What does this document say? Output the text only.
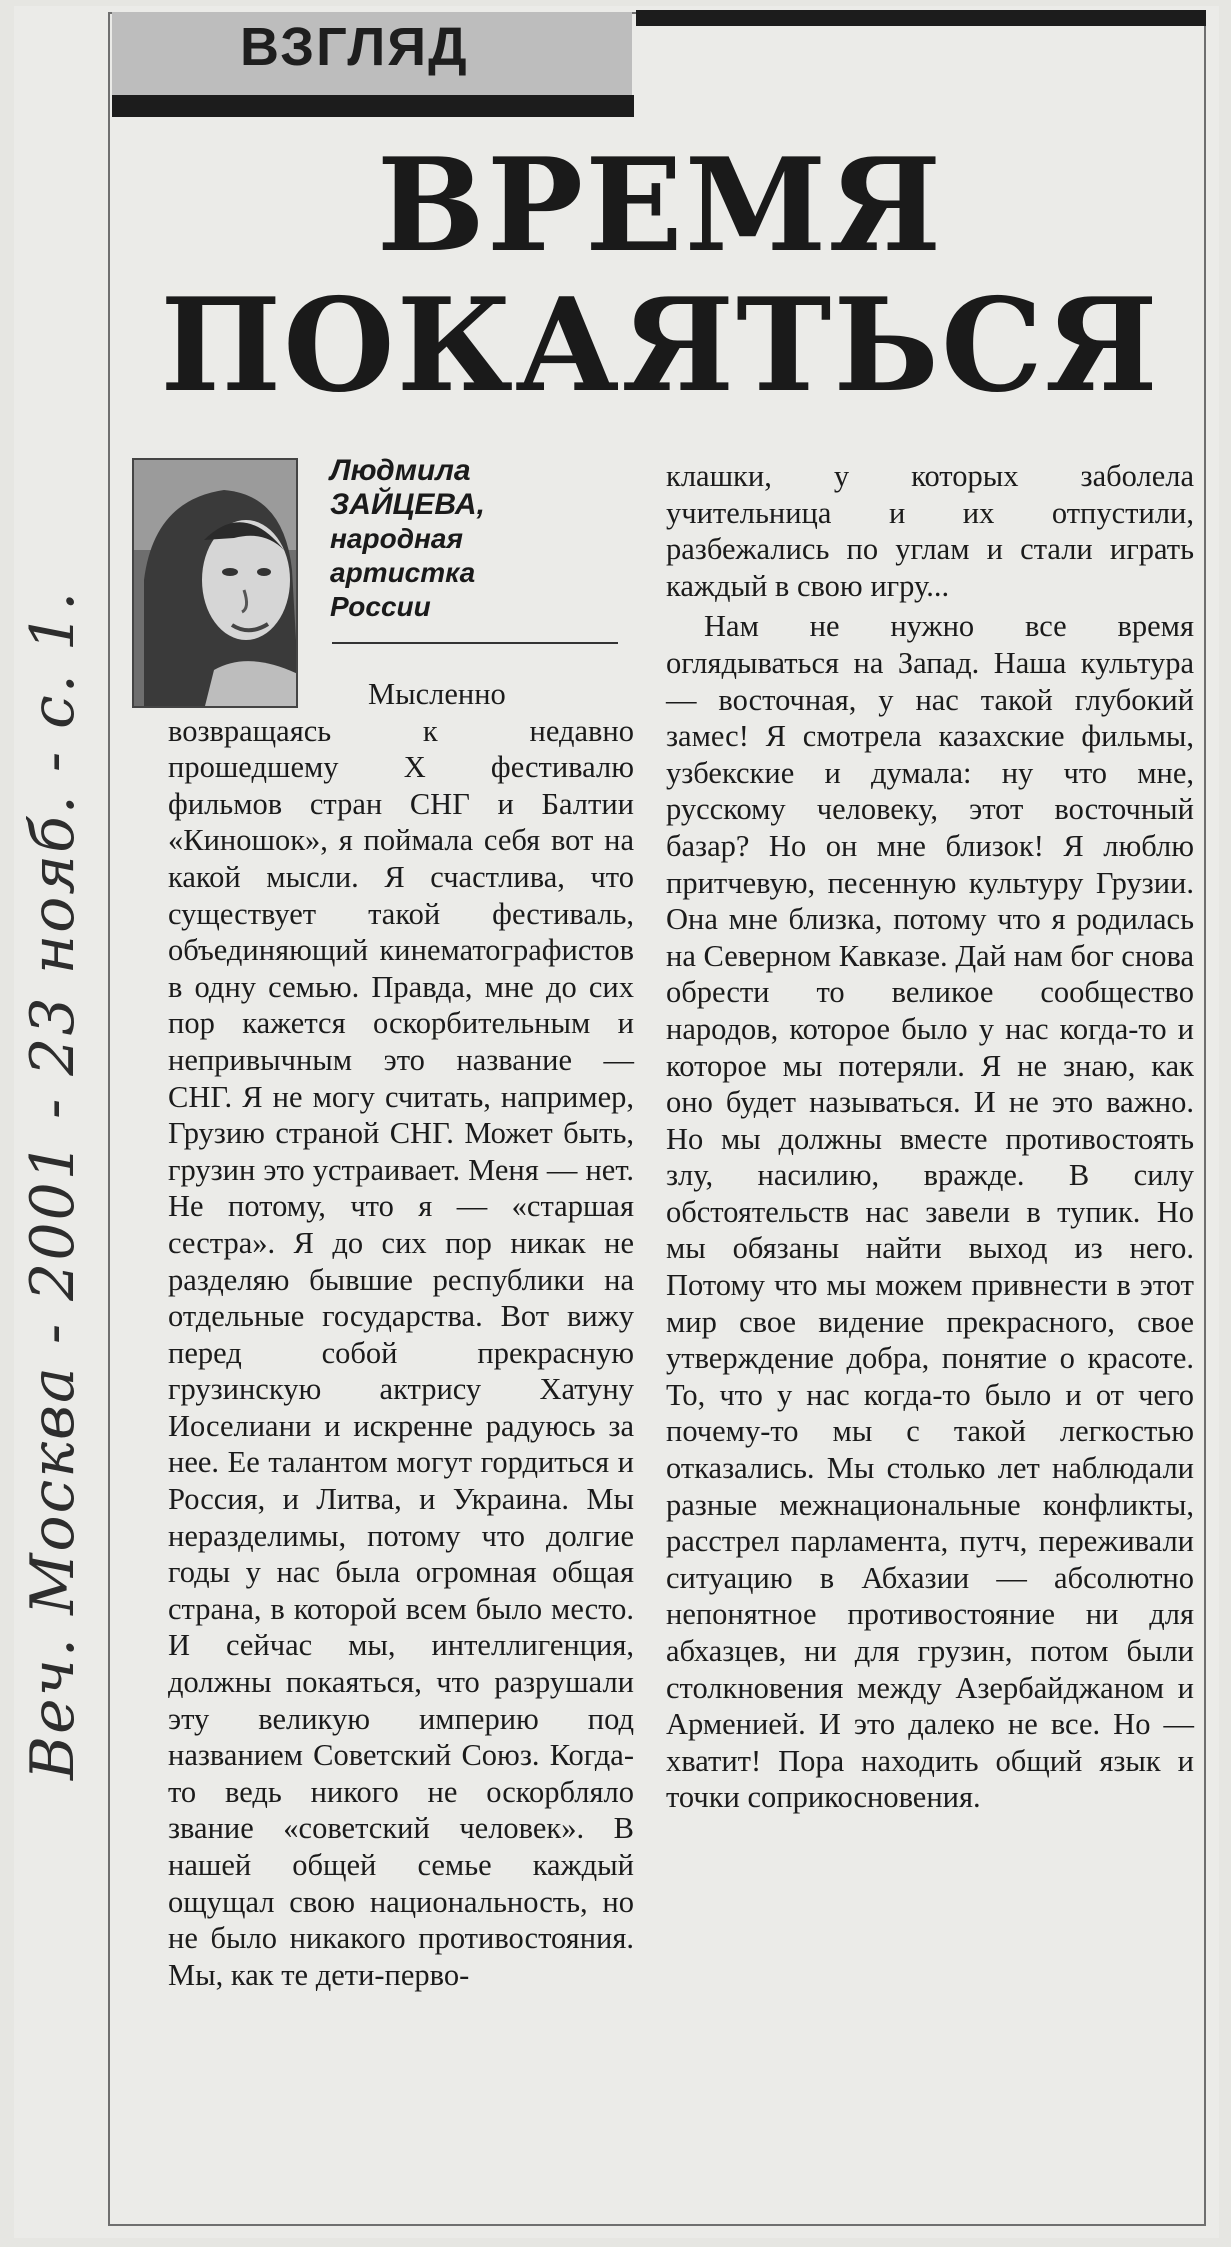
ВЗГЛЯД
ВРЕМЯ
ПОКАЯТЬСЯ
Людмила
ЗАЙЦЕВА,
народная
артистка
России

Мысленно возвращаясь к недавно прошедшему X фестивалю фильмов стран СНГ и Балтии «Киношок», я поймала себя вот на какой мысли. Я счастлива, что существует такой фестиваль, объединяющий кинематографистов в одну семью. Правда, мне до сих пор кажется оскорбительным и непривычным это название — СНГ. Я не могу считать, например, Грузию страной СНГ. Может быть, грузин это устраивает. Меня — нет. Не потому, что я — «старшая сестра». Я до сих пор никак не разделяю бывшие республики на отдельные государства. Вот вижу перед собой прекрасную грузинскую актрису Хатуну Иоселиани и искренне радуюсь за нее. Ее талантом могут гордиться и Россия, и Литва, и Украина. Мы неразделимы, потому что долгие годы у нас была огромная общая страна, в которой всем было место. И сейчас мы, интеллигенция, должны покаяться, что разрушали эту великую империю под названием Советский Союз. Когда-то ведь никого не оскорбляло звание «советский человек». В нашей общей семье каждый ощущал свою национальность, но не было никакого противостояния. Мы, как те дети-перво-

клашки, у которых заболела учительница и их отпустили, разбежались по углам и стали играть каждый в свою игру...

Нам не нужно все время оглядываться на Запад. Наша культура — восточная, у нас такой глубокий замес! Я смотрела казахские фильмы, узбекские и думала: ну что мне, русскому человеку, этот восточный базар? Но он мне близок! Я люблю притчевую, песенную культуру Грузии. Она мне близка, потому что я родилась на Северном Кавказе. Дай нам бог снова обрести то великое сообщество народов, которое было у нас когда-то и которое мы потеряли. Я не знаю, как оно будет называться. И не это важно. Но мы должны вместе противостоять злу, насилию, вражде. В силу обстоятельств нас завели в тупик. Но мы обязаны найти выход из него. Потому что мы можем привнести в этот мир свое видение прекрасного, свое утверждение добра, понятие о красоте. То, что у нас когда-то было и от чего почему-то мы с такой легкостью отказались. Мы столько лет наблюдали разные межнациональные конфликты, расстрел парламента, путч, переживали ситуацию в Абхазии — абсолютно непонятное противостояние ни для абхазцев, ни для грузин, потом были столкновения между Азербайджаном и Арменией. И это далеко не все. Но — хватит! Пора находить общий язык и точки соприкосновения.

Веч. Москва - 2001 - 23 нояб. - с. 1.
